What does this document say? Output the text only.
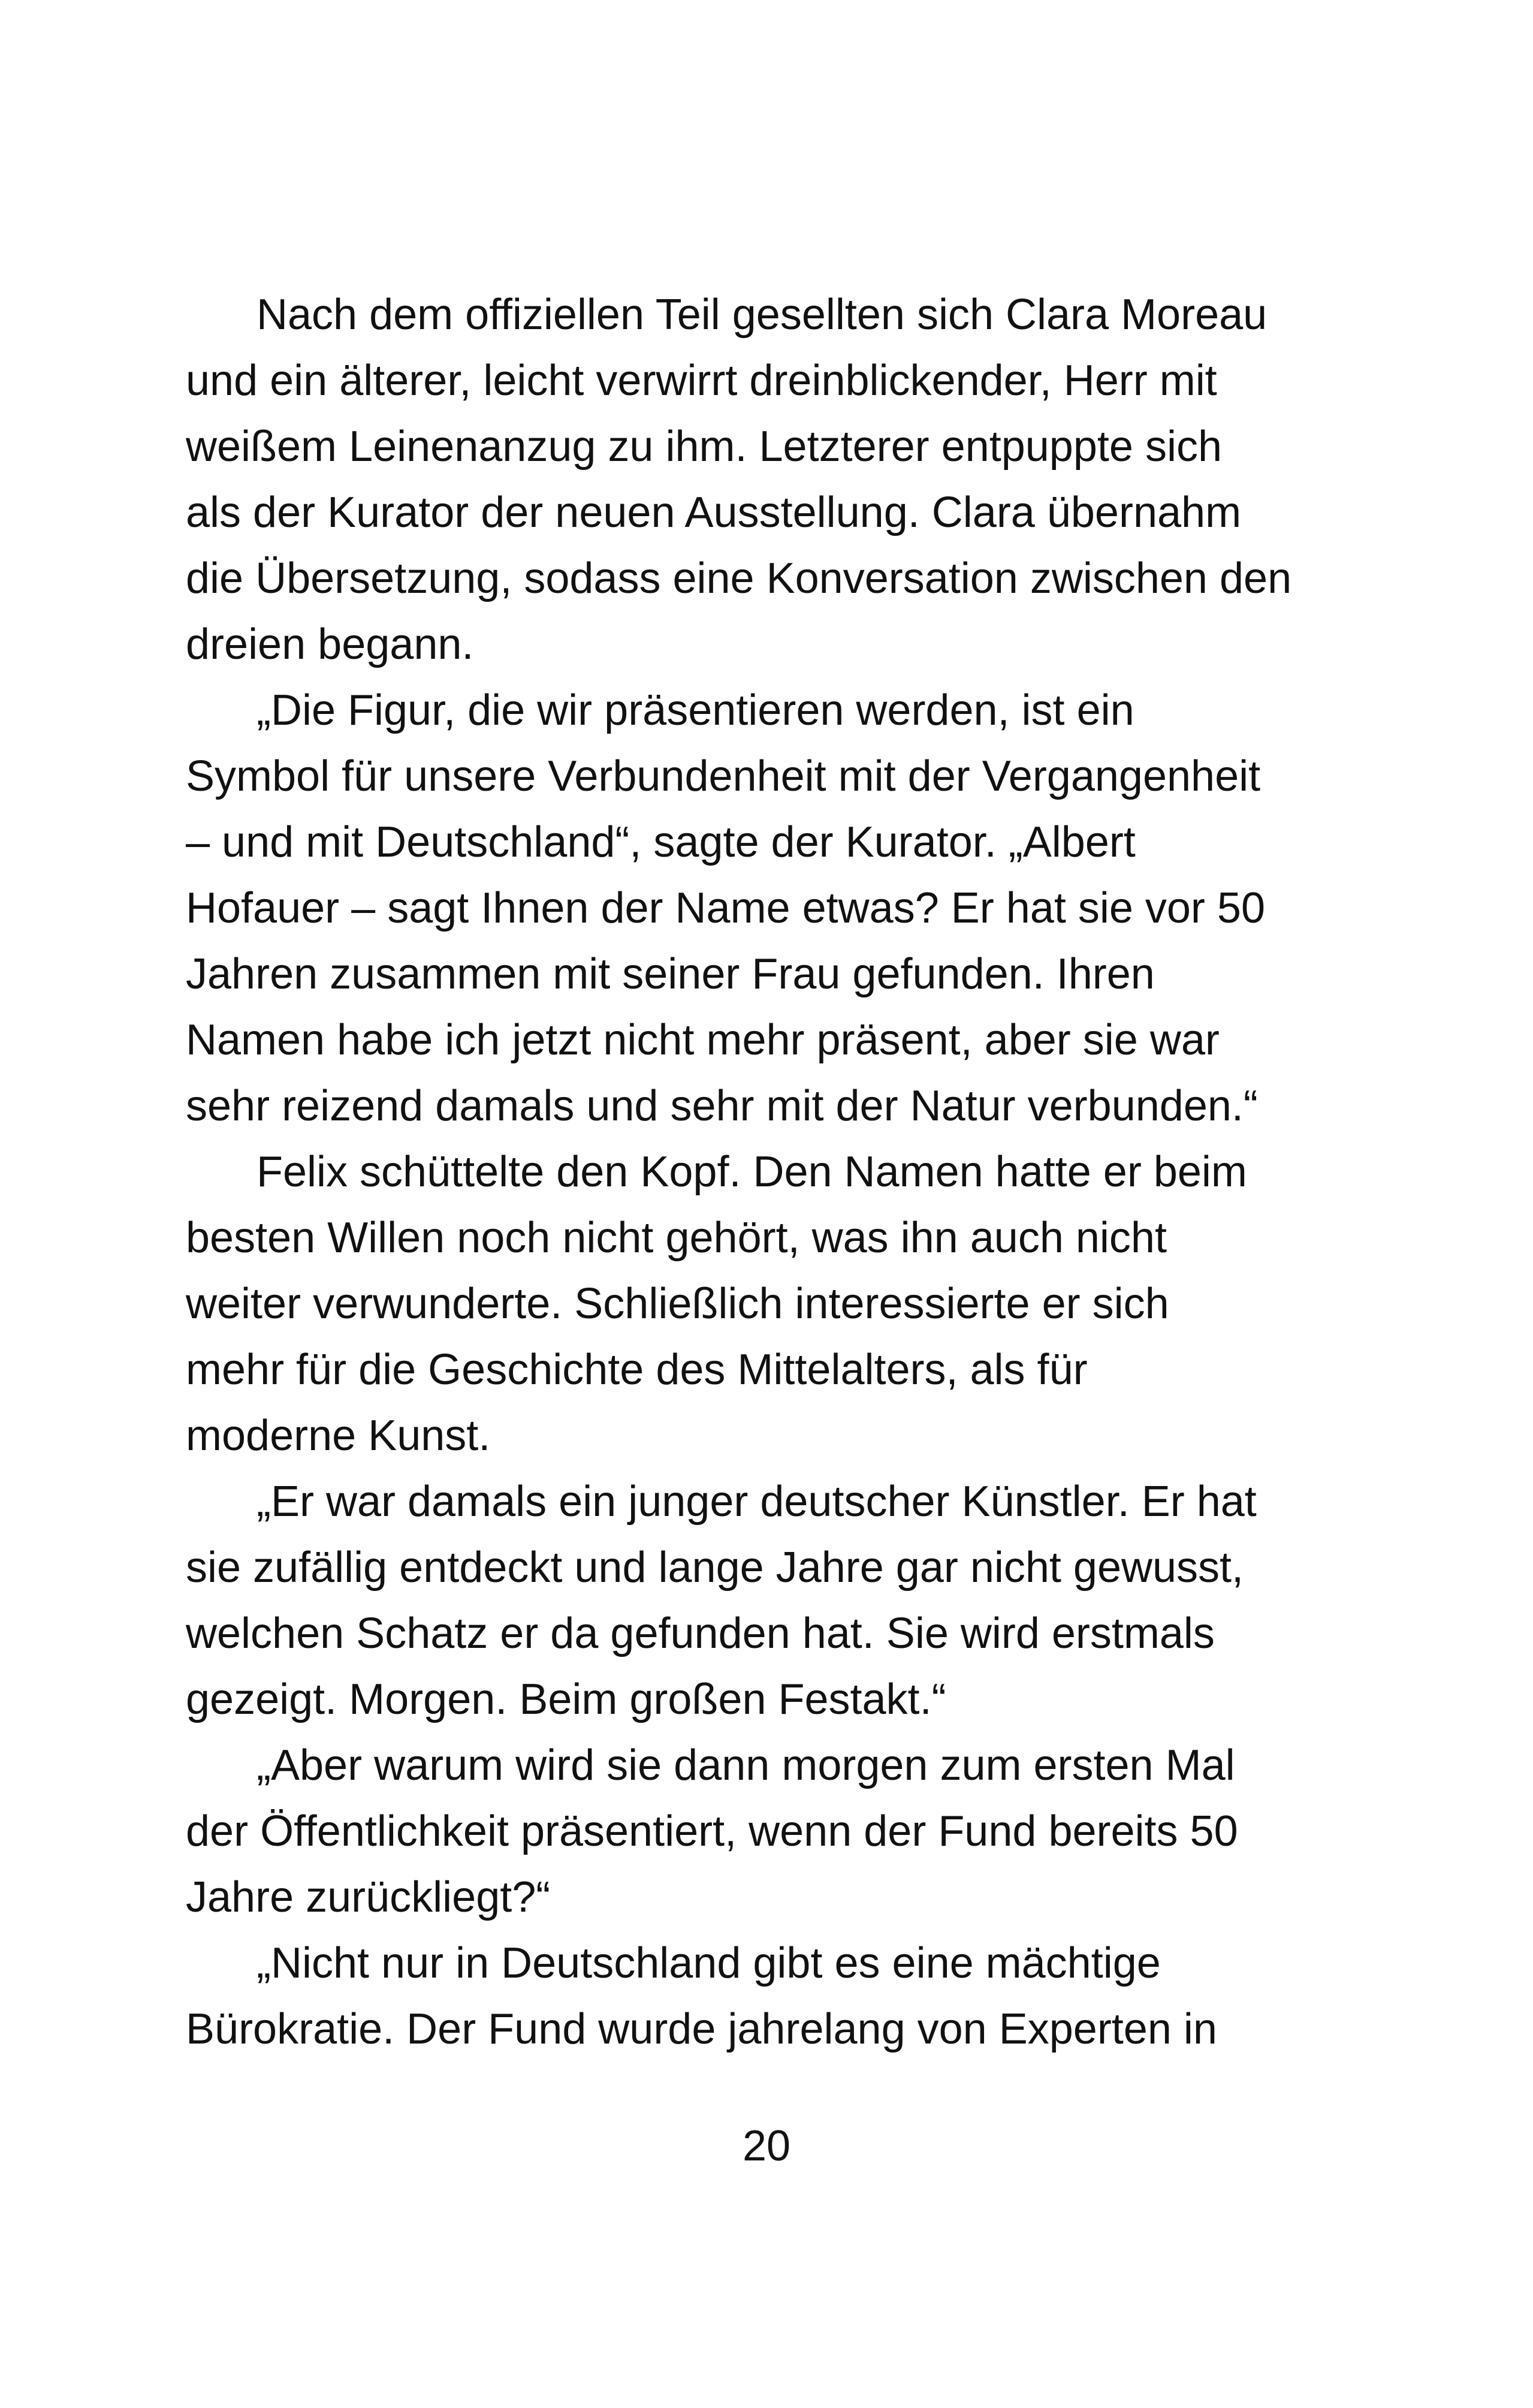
Nach dem offiziellen Teil gesellten sich Clara Moreau
und ein älterer, leicht verwirrt dreinblickender, Herr mit
weißem Leinenanzug zu ihm. Letzterer entpuppte sich
als der Kurator der neuen Ausstellung. Clara übernahm
die Übersetzung, sodass eine Konversation zwischen den
dreien begann.

„Die Figur, die wir präsentieren werden, ist ein
Symbol für unsere Verbundenheit mit der Vergangenheit
– und mit Deutschland“, sagte der Kurator. „Albert
Hofauer – sagt Ihnen der Name etwas? Er hat sie vor 50
Jahren zusammen mit seiner Frau gefunden. Ihren
Namen habe ich jetzt nicht mehr präsent, aber sie war
sehr reizend damals und sehr mit der Natur verbunden.“

Felix schüttelte den Kopf. Den Namen hatte er beim
besten Willen noch nicht gehört, was ihn auch nicht
weiter verwunderte. Schließlich interessierte er sich
mehr für die Geschichte des Mittelalters, als für
moderne Kunst.

„Er war damals ein junger deutscher Künstler. Er hat
sie zufällig entdeckt und lange Jahre gar nicht gewusst,
welchen Schatz er da gefunden hat. Sie wird erstmals
gezeigt. Morgen. Beim großen Festakt.“

„Aber warum wird sie dann morgen zum ersten Mal
der Öffentlichkeit präsentiert, wenn der Fund bereits 50
Jahre zurückliegt?“

„Nicht nur in Deutschland gibt es eine mächtige
Bürokratie. Der Fund wurde jahrelang von Experten in

20
